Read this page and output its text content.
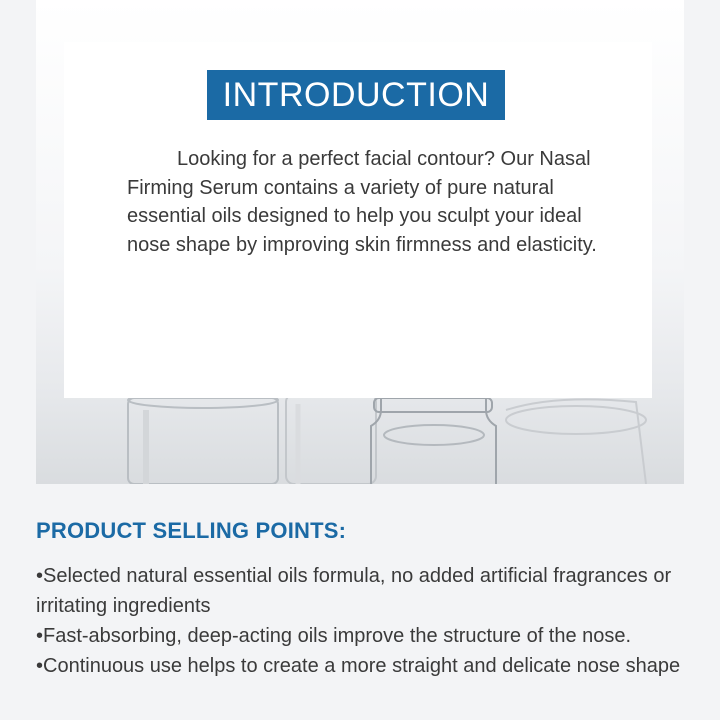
INTRODUCTION
Looking for a perfect facial contour? Our Nasal Firming Serum contains a variety of pure natural essential oils designed to help you sculpt your ideal nose shape by improving skin firmness and elasticity.
PRODUCT SELLING POINTS:
•Selected natural essential oils formula, no added artificial fragrances or irritating ingredients
•Fast-absorbing, deep-acting oils improve the structure of the nose.
•Continuous use helps to create a more straight and delicate nose shape
